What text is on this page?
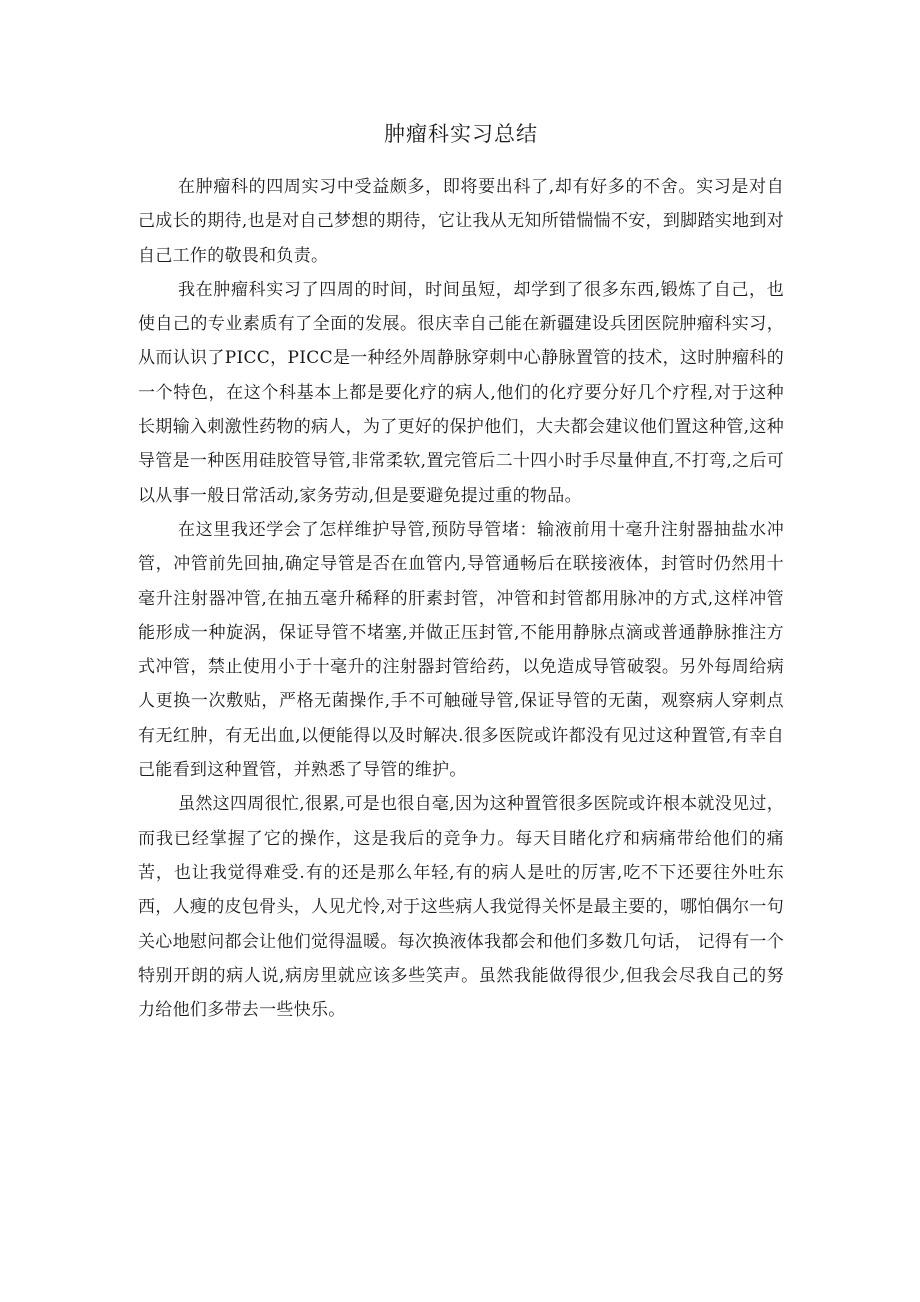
肿瘤科实习总结

在肿瘤科的四周实习中受益颇多，即将要出科了,却有好多的不舍。实习是对自己成长的期待,也是对自己梦想的期待，它让我从无知所错惴惴不安，到脚踏实地到对自己工作的敬畏和负责。

我在肿瘤科实习了四周的时间，时间虽短，却学到了很多东西,锻炼了自己，也使自己的专业素质有了全面的发展。很庆幸自己能在新疆建设兵团医院肿瘤科实习，从而认识了PICC，PICC是一种经外周静脉穿刺中心静脉置管的技术，这时肿瘤科的一个特色，在这个科基本上都是要化疗的病人,他们的化疗要分好几个疗程,对于这种长期输入刺激性药物的病人，为了更好的保护他们，大夫都会建议他们置这种管,这种导管是一种医用硅胶管导管,非常柔软,置完管后二十四小时手尽量伸直,不打弯,之后可以从事一般日常活动,家务劳动,但是要避免提过重的物品。

在这里我还学会了怎样维护导管,预防导管堵：输液前用十毫升注射器抽盐水冲管，冲管前先回抽,确定导管是否在血管内,导管通畅后在联接液体，封管时仍然用十毫升注射器冲管,在抽五毫升稀释的肝素封管，冲管和封管都用脉冲的方式,这样冲管能形成一种旋涡，保证导管不堵塞,并做正压封管,不能用静脉点滴或普通静脉推注方式冲管，禁止使用小于十毫升的注射器封管给药，以免造成导管破裂。另外每周给病人更换一次敷贴，严格无菌操作,手不可触碰导管,保证导管的无菌，观察病人穿刺点有无红肿，有无出血,以便能得以及时解决.很多医院或许都没有见过这种置管,有幸自己能看到这种置管，并熟悉了导管的维护。

虽然这四周很忙,很累,可是也很自毫,因为这种置管很多医院或许根本就没见过，而我已经掌握了它的操作，这是我后的竞争力。每天目睹化疗和病痛带给他们的痛苦，也让我觉得难受.有的还是那么年轻,有的病人是吐的厉害,吃不下还要往外吐东西，人瘦的皮包骨头，人见尤怜,对于这些病人我觉得关怀是最主要的，哪怕偶尔一句关心地慰问都会让他们觉得温暖。每次换液体我都会和他们多数几句话， 记得有一个特别开朗的病人说,病房里就应该多些笑声。虽然我能做得很少,但我会尽我自己的努力给他们多带去一些快乐。
